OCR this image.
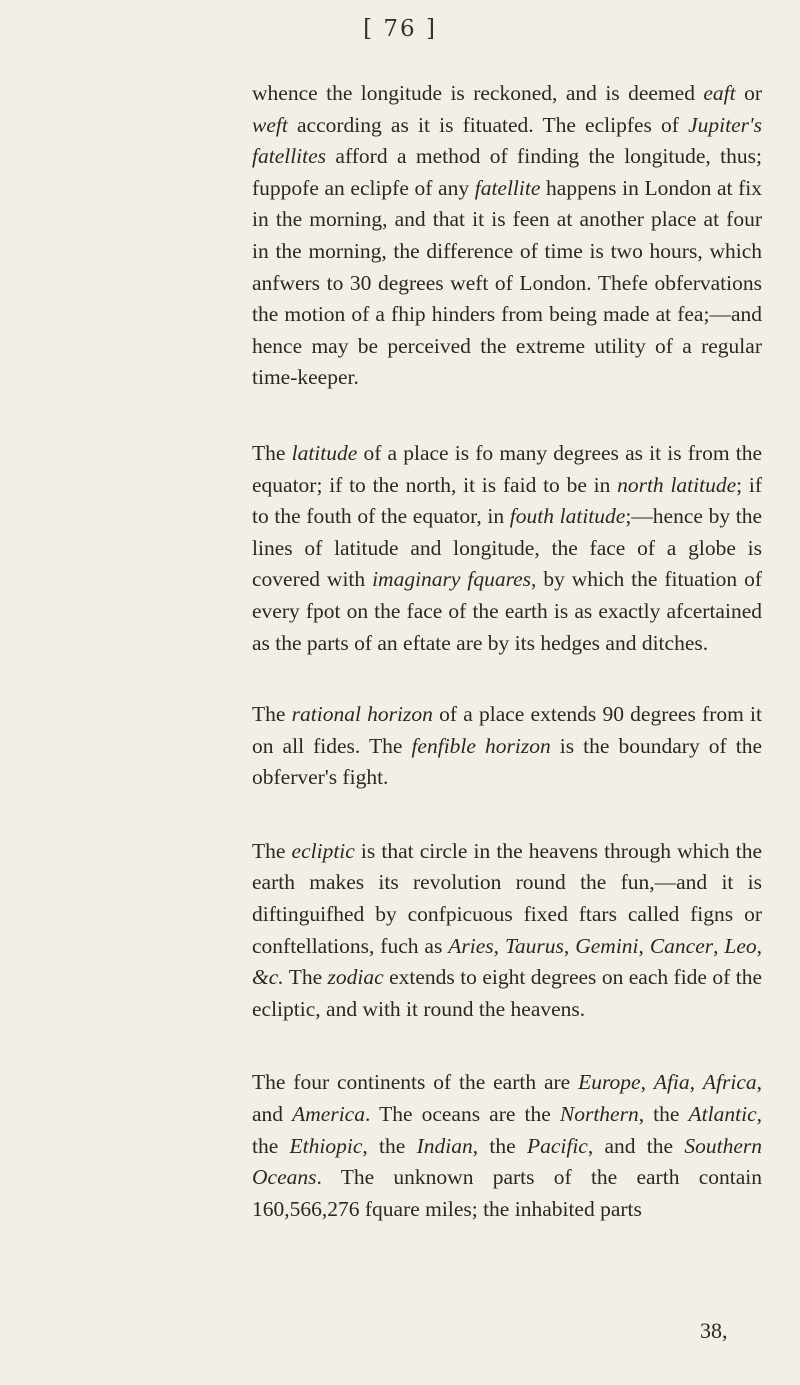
[ 76 ]

whence the longitude is reckoned, and is deemed eaft or weft according as it is fituated. The eclipfes of Jupiter's fatellites afford a method of finding the longitude, thus; fuppofe an eclipfe of any fatellite happens in London at fix in the morning, and that it is feen at another place at four in the morning, the difference of time is two hours, which anfwers to 30 degrees weft of London. Thefe obfervations the motion of a fhip hinders from being made at fea;—and hence may be perceived the extreme utility of a regular time-keeper.

The latitude of a place is fo many degrees as it is from the equator; if to the north, it is faid to be in north latitude; if to the fouth of the equator, in fouth latitude;—hence by the lines of latitude and longitude, the face of a globe is covered with imaginary fquares, by which the fituation of every fpot on the face of the earth is as exactly afcertained as the parts of an eftate are by its hedges and ditches.

The rational horizon of a place extends 90 degrees from it on all fides. The fenfible horizon is the boundary of the obferver's fight.

The ecliptic is that circle in the heavens through which the earth makes its revolution round the fun,—and it is diftinguifhed by confpicuous fixed ftars called figns or conftellations, fuch as Aries, Taurus, Gemini, Cancer, Leo, &c. The zodiac extends to eight degrees on each fide of the ecliptic, and with it round the heavens.

The four continents of the earth are Europe, Afia, Africa, and America. The oceans are the Northern, the Atlantic, the Ethiopic, the Indian, the Pacific, and the Southern Oceans. The unknown parts of the earth contain 160,566,276 fquare miles; the inhabited parts

38,
